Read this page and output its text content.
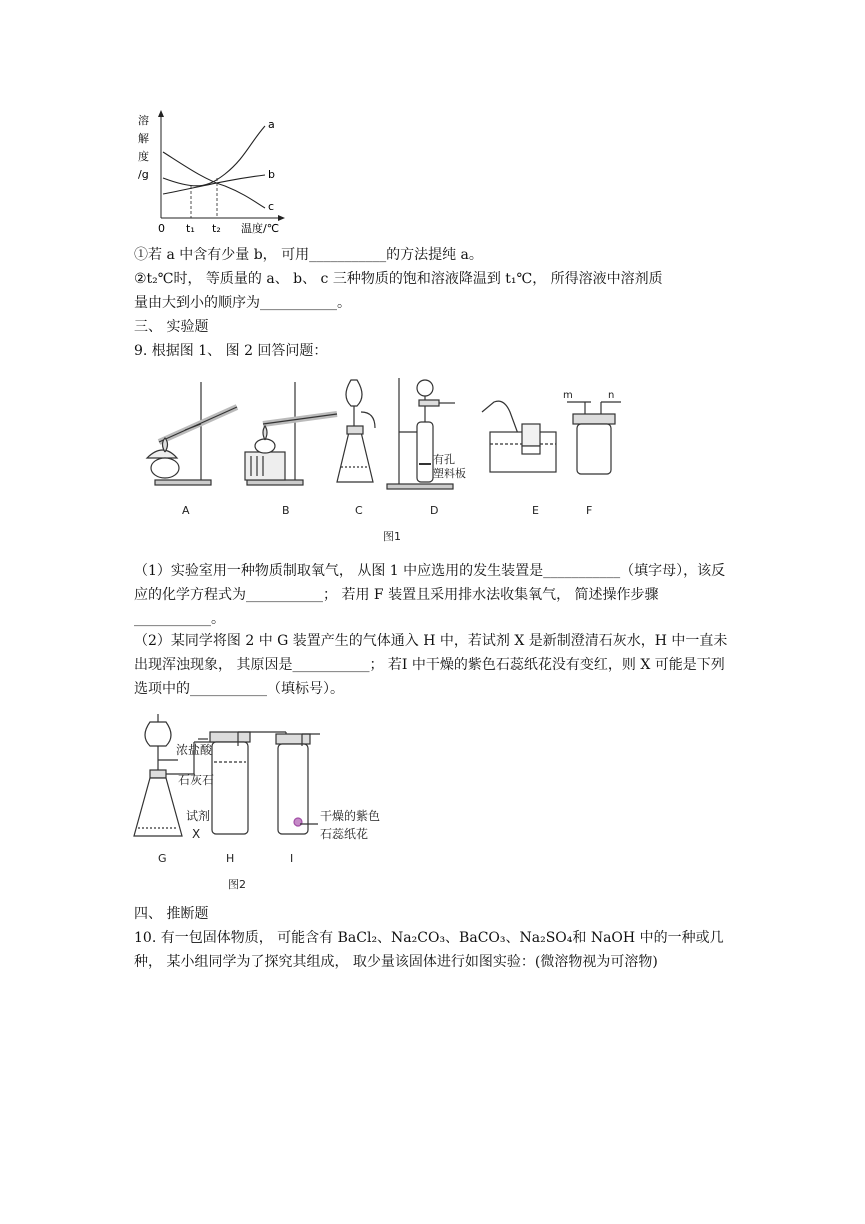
溶
解
度
/g
a
b
c
0 t₁ t₂ 温度/℃
①若 a 中含有少量 b， 可用___________的方法提纯 a。
②t₂℃时， 等质量的 a、 b、 c 三种物质的饱和溶液降温到 t₁℃， 所得溶液中溶剂质
量由大到小的顺序为___________。
三、 实验题
9. 根据图 1、 图 2 回答问题：
有孔
塑料板
m	n
A	B	C	D	E	F
图1
（1）实验室用一种物质制取氧气， 从图 1 中应选用的发生装置是___________（填字母），该反应的化学方程式为___________； 若用 F 装置且采用排水法收集氧气， 简述操作步骤___________。
（2）某同学将图 2 中 G 装置产生的气体通入 H 中，若试剂 X 是新制澄清石灰水，H 中一直未出现浑浊现象， 其原因是___________； 若I 中干燥的紫色石蕊纸花没有变红，则 X 可能是下列选项中的___________（填标号）。
浓盐酸
石灰石
试剂
X
干燥的紫色
石蕊纸花
G	H	I
图2
四、 推断题
10. 有一包固体物质， 可能含有 BaCl₂、Na₂CO₃、BaCO₃、Na₂SO₄和 NaOH 中的一种或几种， 某小组同学为了探究其组成， 取少量该固体进行如图实验：(微溶物视为可溶物)
